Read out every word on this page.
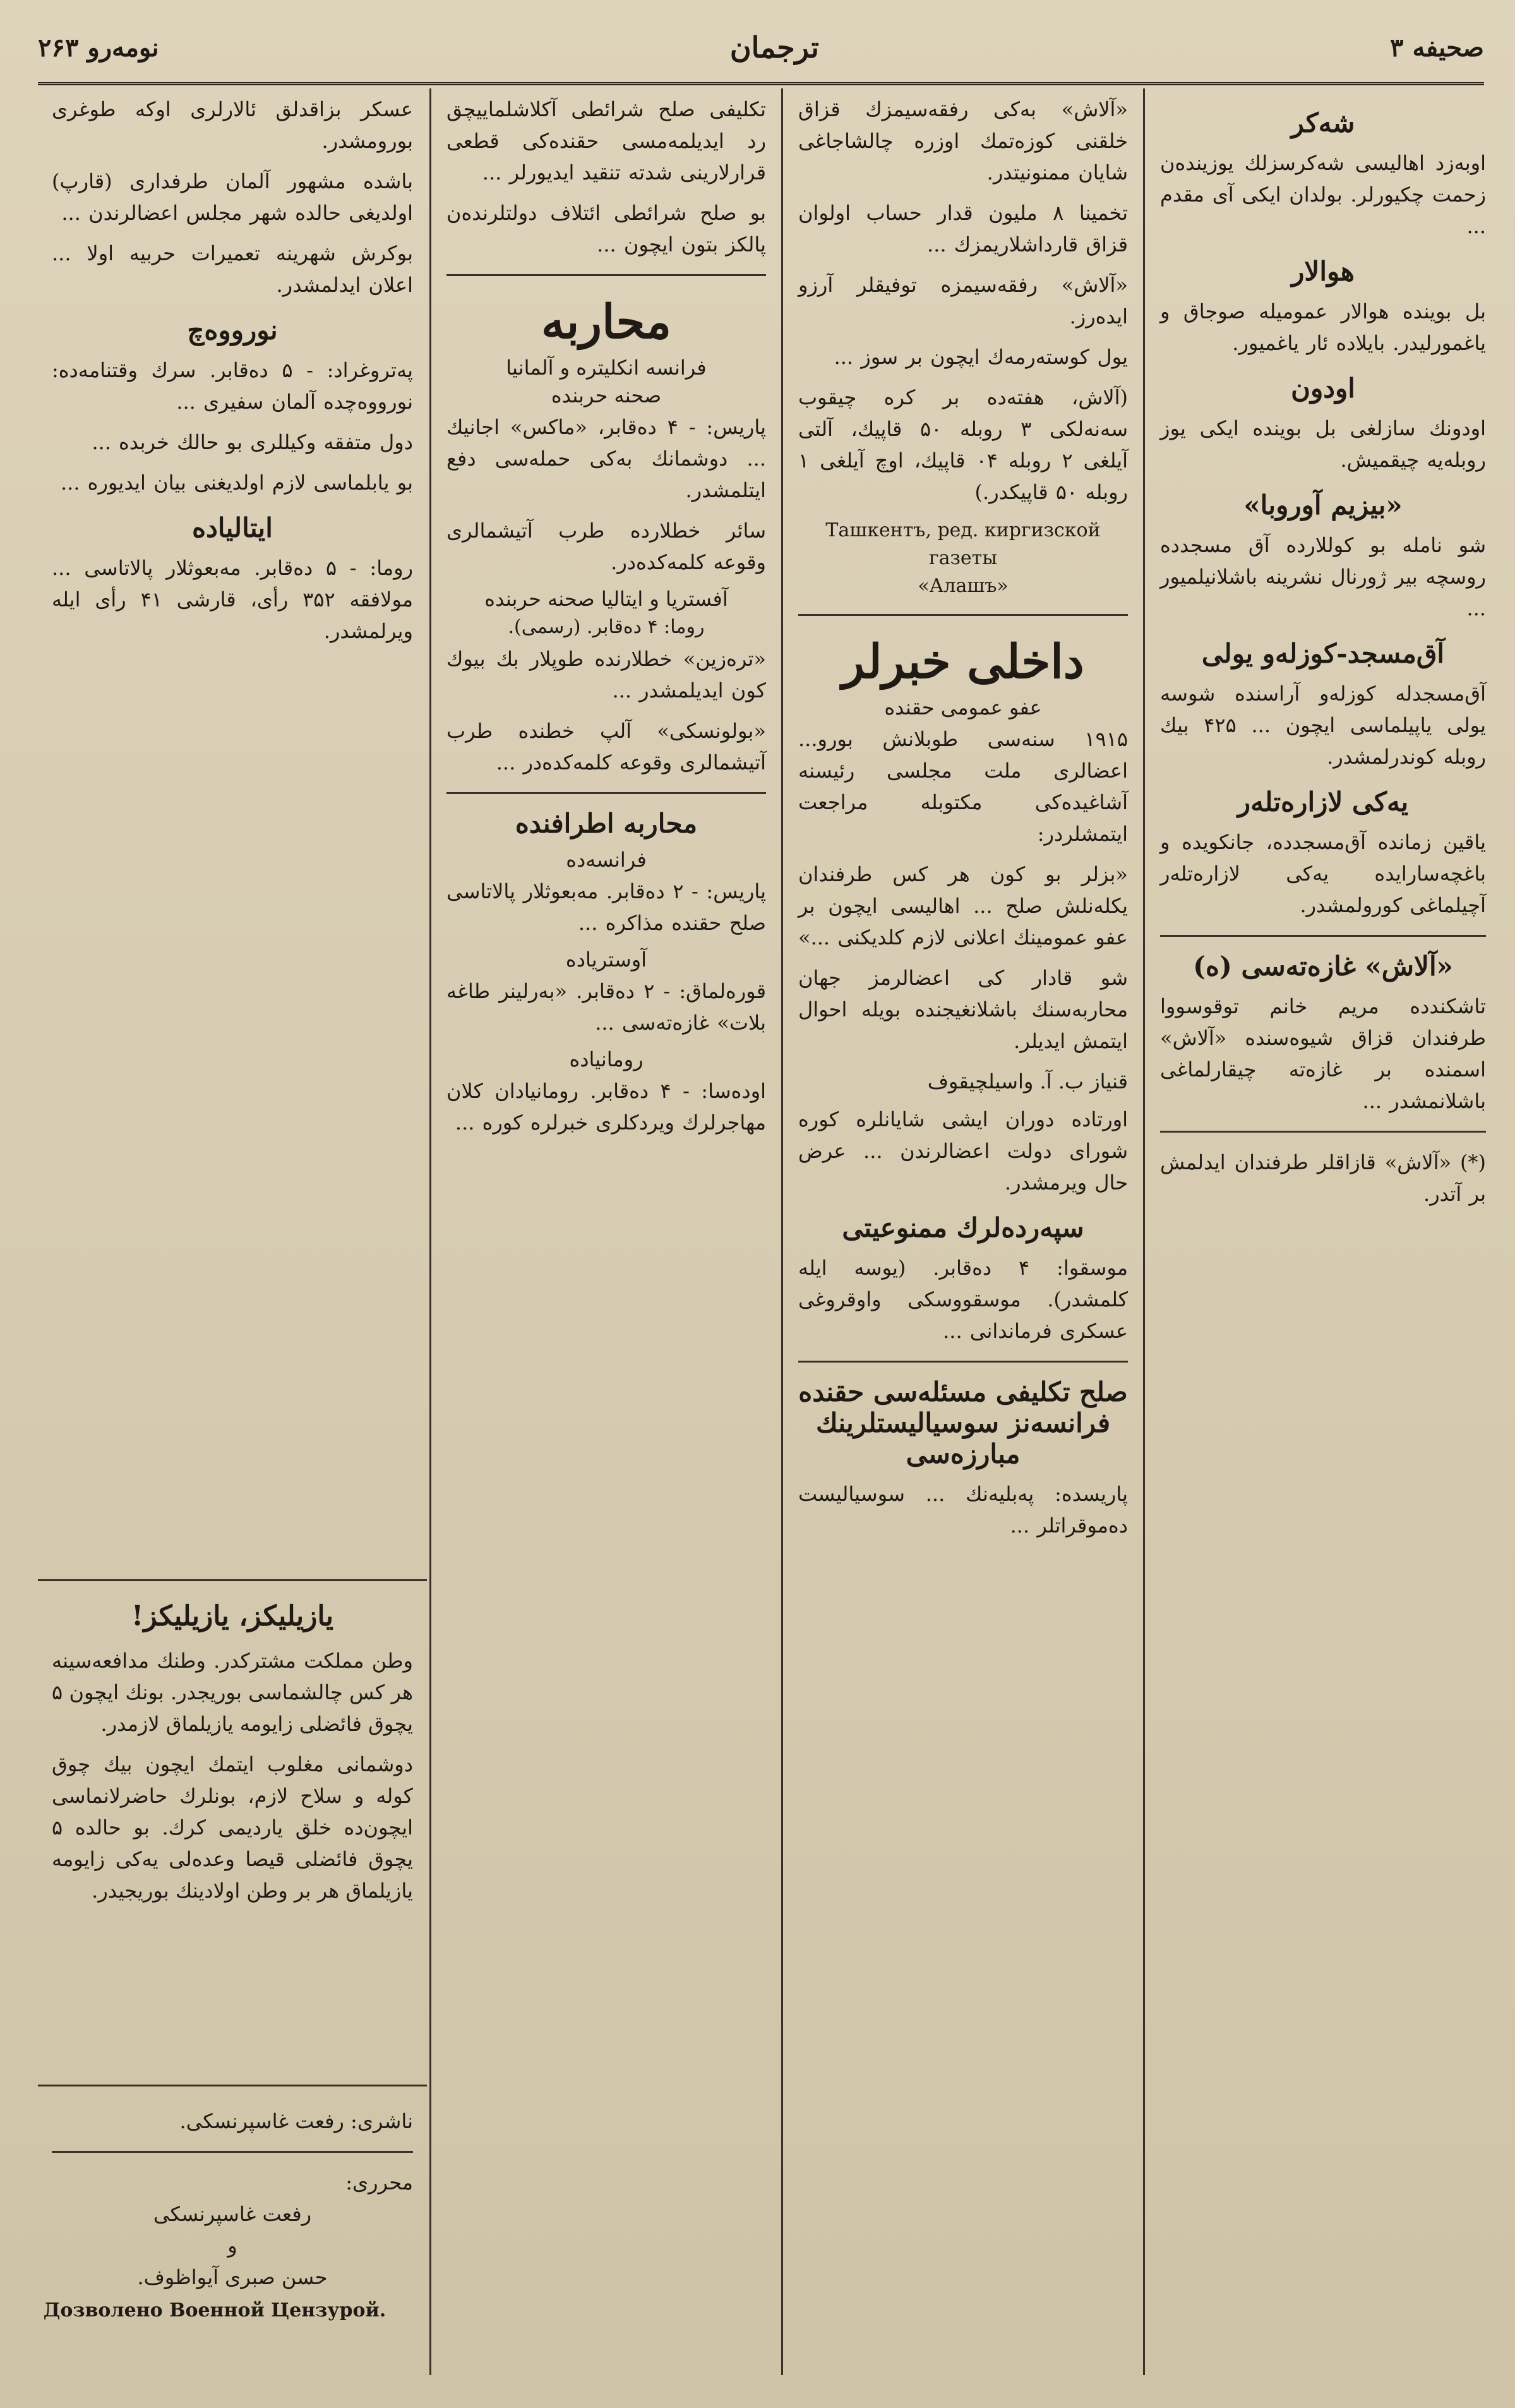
صحیفه ۳
ترجمان
نومەرو ۲۶۳
شه‌کر

اوبەزد اهالیسی شه‌کرسزلك یوزیندەن زحمت چکیورلر. بولدان ایکی آی مقدم ...

هوالار

بل بویندە هوالار عمومیله صوجاق و یاغمورلیدر. بایلادە ئار یاغمیور.

اودون

اودونك سازلغی بل بویندە ایکی یوز روبلەیه چیقمیش.

«بیزیم آوروبا»

شو نامله بو کوللاردە آق مسجد‌دە روسچە بیر ژورنال نشرینه باشلانیلمیور ...

آق‌مسجد-کوزلەو یولی

آق‌مسجدله کوزلەو آراسندە شوسه یولی یاپیلماسی ایچون ... ۴۲۵ بیك روبله کوندرلمشدر.

یەکی لازارەتلەر

یاقین زماندە آق‌مسجددە، جانکویدە و باغچه‌سارایدە یەکی لازارەتلەر آچیلماغی کورولمشدر.

«آلاش» غازەته‌سی (ه)

تاشکنددە مریم خانم توقوسووا طرفندان قزاق شیوه‌سندە «آلاش» اسمندە بر غازەتە چیقارلماغی باشلانمشدر ...

(*) «آلاش» قازاقلر طرفندان ایدلمش بر آتدر.

«آلاش» بەکی رفقەسیمزك قزاق خلقنی کوزەتمك اوزره چالشاجاغی شایان ممنونیتدر.

تخمینا ۸ ملیون قدار حساب اولوان قزاق قارداشلاریمزك ...

«آلاش» رفقەسیمزه توفیقلر آرزو ایدەرز.

یول کوستەرمەك ایچون بر سوز ...

(آلاش، هفته‌دە بر کرە چیقوب سەنه‌لکی ۳ روبله ۵۰ قاپیك، آلتی آیلغی ۲ روبله ۰۴ قاپیك، اوچ آیلغی ۱ روبله ۵۰ قاپیكدر.)

Ташкентъ, ред. киргизской газеты
«Алашъ»
داخلی خبرلر
عفو عمومی حقنده

۱۹۱۵ سنەسی طوبلانش بورو... اعضالری ملت مجلسی رئیسنه آشاغیدەکی مکتوبله مراجعت ایتمشلردر:

«بزلر بو کون هر کس طرفندان یکلەنلش صلح ... اهالیسی ایچون بر عفو عمومینك اعلانی لازم کلدیکنی ...»

شو قادار کی اعضالرمز جهان محاربەسنك باشلانغیجندە بویلە احوال ایتمش ایدیلر.

قنیاز ب. آ. واسیلچیقوف

اورتادە دوران ایشی شایانلرە کوره شورای دولت اعضالرندن ... عرض حال ویرمشدر.

سپەردەلرك ممنوعیتی

موسقوا: ۴ دەقابر. (یوسه ایله کلمشدر). موسقووسکی واوقروغی عسکری فرماندانی ...

صلح تکلیفی مسئلەسی حقنده فرانسەنز سوسیالیستلرینك مبارزەسی

پاریسدە: پەبلیه‌نك ... سوسیالیست ده‌موقراتلر ...

تکلیفی صلح شرائطی آکلاشلماییچق رد ایدیلمەمسی حقنده‌کی قطعی قرارلارینی شدته تنقید ایدیورلر ...

بو صلح شرائطی ائتلاف دولتلرندەن پالکز بتون ایچون ...

محاربه
فرانسه انکلیترە و آلمانیا
صحنه حربنده

پاریس: - ۴ دەقابر، «ماکس» اجانیك ... دوشمانك بەکی حمله‌سی دفع ایتلمشدر.

سائر خطلارده طرب آتیشمالری وقوعه کلمه‌کده‌در.

آفستریا و ایتالیا صحنه حربنده
روما: ۴ دەقابر. (رسمی).

«ترەزین» خطلارنده طوپلار بك بیوك کون ایدیلمشدر ...

«بولونسکی» آلپ خطنده طرب آتیشمالری وقوعه کلمه‌کده‌در ...

محاربه اطرافنده
فرانسه‌ده

پاریس: - ۲ دەقابر. مەبعوثلار پالاتاسی صلح حقنده مذاکره ...

آوستریاده

قورەلماق: - ۲ دەقابر. «بەرلینر طاغه بلات» غازەتەسی ...

رومانیاده

اودەسا: - ۴ دەقابر. رومانیادان کلان مهاجرلرك ویردکلری خبرلره کوره ...

عسکر بزاقدلق ئالارلری اوکه طوغری بورومشدر.

باشده مشهور آلمان طرفداری (قارپ) اولدیغی حالده شهر مجلس اعضالرندن ...

بوکرش شهرینه تعمیرات حربیه اولا ... اعلان ایدلمشدر.

نورووەچ

پەتروغراد: - ۵ دەقابر. سرك وقتنامه‌ده: نورووه‌چده آلمان سفیری ...

دول متفقه وکیللری بو حالك خربده ...

بو یابلماسی لازم اولدیغنی بیان ایدیوره ...

ایتالیاده

روما: - ۵ دەقابر. مەبعوثلار پالاتاسی ... مولافقه ۳۵۲ رأی، قارشی ۴۱ رأی ایله ویرلمشدر.

یازیلیکز، یازیلیکز!

وطن مملکت مشترکدر. وطنك مدافعه‌سینه هر کس چالشماسی بوریجدر. بونك ایچون ۵ یچوق فائضلی زایومه یازیلماق لازمدر.

دوشمانی مغلوب ایتمك ایچون بيك چوق کوله و سلاح لازم، بونلرك حاضرلانماسی ایچون‌ده خلق یاردیمی کرك. بو حالده ۵ یچوق فائضلی قیصا وعده‌لی یه‌کی زایومه یازیلماق هر بر وطن اولادینك بوریجیدر.

ناشری: رفعت غاسپرنسکی.
محرری:
رفعت غاسپرنسکی
و
حسن صبری آیواظوف.
Дозволено Военной Цензурой.
